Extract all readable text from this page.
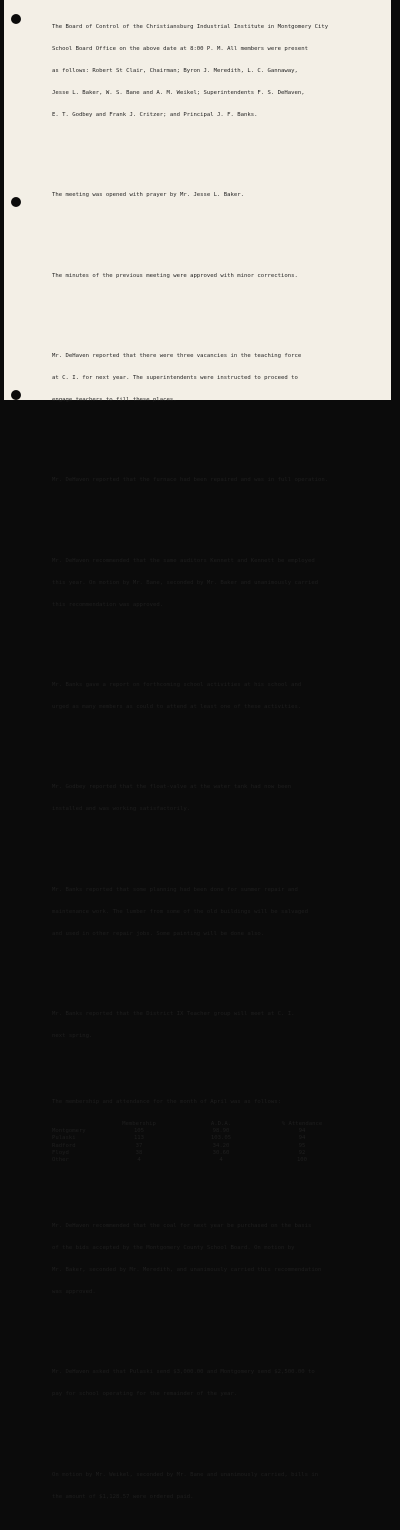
The Board of Control of the Christiansburg Industrial Institute in Montgomery City

School Board Office on the above date at 8:00 P. M. All members were present

as follows: Robert St Clair, Chairman; Byron J. Meredith, L. C. Gannaway,

Jesse L. Baker, W. S. Bane and A. M. Weikel; Superintendents F. S. DeHaven,

E. T. Godbey and Frank J. Critzer; and Principal J. F. Banks.

The meeting was opened with prayer by Mr. Jesse L. Baker.

The minutes of the previous meeting were approved with minor corrections.

Mr. DeHaven reported that there were three vacancies in the teaching force

at C. I. for next year. The superintendents were instructed to proceed to

engage teachers to fill these places.

Mr. DeHaven reported that the furnace had been repaired and was in full operation.

Mr. DeHaven recommended that the same auditors Kennett and Kennett be employed

this year. On motion by Mr. Bane, seconded by Mr. Baker and unanimously carried

this recommendation was approved.

Mr. Banks gave a report on forthcoming school activities at his school and

urged as many members as could to attend at least one of these activities.

Mr. Godbey reported that the float-valve at the water tank had now been

installed and was working satisfactorily.

Mr. Banks reported that some planning had been done for summer repair and

maintenance work. The lumber from some of the old buildings will be salvaged

and used in other repair jobs. Some painting will be done also.

Mr. Banks reported that the District IX Teacher group will meet at C. I.

next spring.

The membership and attendance for the month of April was as follows:

	Membership	A.D.A.	% Attendance
Montgomery	105	98.90	94
Pulaski	113	103.05	94
Radford	37	34.20	95
Floyd	38	30.60	92
Other	4	4	100

Mr. DeHaven recommended that the coal for next year be purchased on the basis

of the bids accepted by the Montgomery County School Board. On motion by

Mr. Baker, seconded by Mr. Meredith, and unanimously carried this recommendation

was approved.

Mr. DeHaven asked that Pulaski send $3,000.00 and Montgomery send $2,500.00 to

pay for school operating for the remainder of the year.

On motion by Mr. Weikel, seconded by Mr. Bane and unanimously carried, bills in

the amount of $1,128.57 were ordered paid.
